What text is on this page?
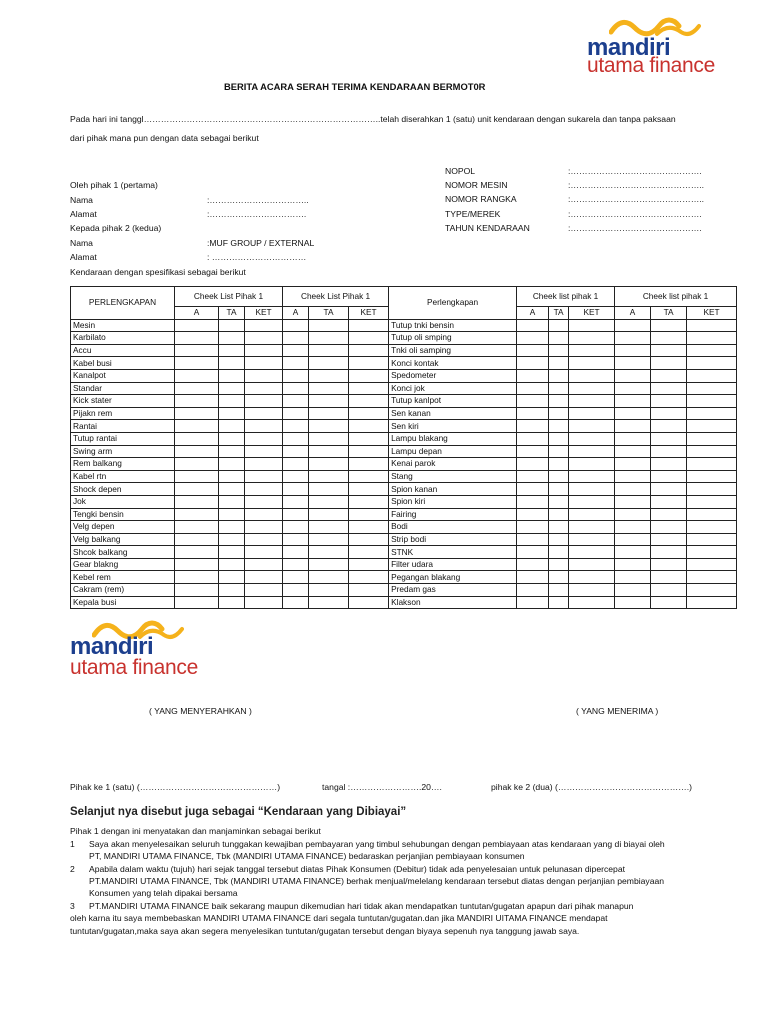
mandiri
utama finance
BERITA ACARA SERAH TERIMA KENDARAAN BERMOT0R
Pada hari ini tanggl………………………………………………………………………..telah diserahkan 1 (satu) unit kendaraan dengan sukarela dan tanpa paksaan
dari pihak mana pun dengan data sebagai berikut
Oleh pihak 1 (pertama)
Nama	:……………………………..
Alamat	:…………………………….
Kepada pihak 2 (kedua)
Nama	:MUF GROUP / EXTERNAL
Alamat	: ……………………………
NOPOL	:……………………………………….
NOMOR MESIN	:………………………………………..
NOMOR RANGKA	:………………………………………..
TYPE/MEREK	:……………………………………….
TAHUN KENDARAAN	:……………………………………….
Kendaraan dengan spesifikasi sebagai berikut
PERLENGKAPAN	Cheek List Pihak 1			Cheek List Pihak 1			Perlengkapan	Cheek list pihak 1			Cheek list pihak 1		
	A	TA	KET	A	TA	KET		A	TA	KET	A	TA	KET
Mesin							Tutup tnki bensin						
Karbilato							Tutup oli smping						
Accu							Tnki oli samping						
Kabel busi							Konci kontak						
Kanalpot							Spedometer						
Standar							Konci jok						
Kick stater							Tutup kanlpot						
Pijakn rem							Sen kanan						
Rantai							Sen kiri						
Tutup rantai							Lampu blakang						
Swing arm							Lampu depan						
Rem balkang							Kenai parok						
Kabel rtn							Stang						
Shock depen							Spion kanan						
Jok							Spion kiri						
Tengki bensin							Fairing						
Velg depen							Bodi						
Velg balkang							Strip bodi						
Shcok balkang							STNK						
Gear blakng							Filter udara						
Kebel rem							Pegangan blakang						
Cakram (rem)							Predam gas						
Kepala busi							Klakson						
mandiri
utama finance
( YANG MENYERAHKAN )	( YANG MENERIMA )
Pihak ke 1 (satu) (…………………………………………)	tangal :…………………….20….	pihak ke 2 (dua) (……………………………………….)
Selanjut nya disebut juga sebagai “Kendaraan yang Dibiayai”
Pihak 1 dengan ini menyatakan dan manjaminkan sebagai berikut
1 Saya akan menyelesaikan seluruh tunggakan kewajiban pembayaran yang timbul sehubungan dengan pembiayaan atas kendaraan yang di biayai oleh
PT, MANDIRI UTAMA FINANCE, Tbk (MANDIRI UTAMA FINANCE) bedaraskan perjanjian pembiayaan konsumen
2 Apabila dalam waktu (tujuh) hari sejak tanggal tersebut diatas Pihak Konsumen (Debitur) tidak ada penyelesaian untuk pelunasan dipercepat
PT.MANDIRI UTAMA FINANCE, Tbk (MANDIRI UTAMA FINANCE) berhak menjual/melelang kendaraan tersebut diatas dengan perjanjian pembiayaan
Konsumen yang telah dipakai bersama
3 PT.MANDIRI UTAMA FINANCE baik sekarang maupun dikemudian hari tidak akan mendapatkan tuntutan/gugatan apapun dari pihak manapun
oleh karna itu saya membebaskan MANDIRI UTAMA FINANCE dari segala tuntutan/gugatan.dan jika MANDIRI UITAMA FINANCE mendapat
tuntutan/gugatan,maka saya akan segera menyelesikan tuntutan/gugatan tersebut dengan biyaya sepenuh nya tanggung jawab saya.
